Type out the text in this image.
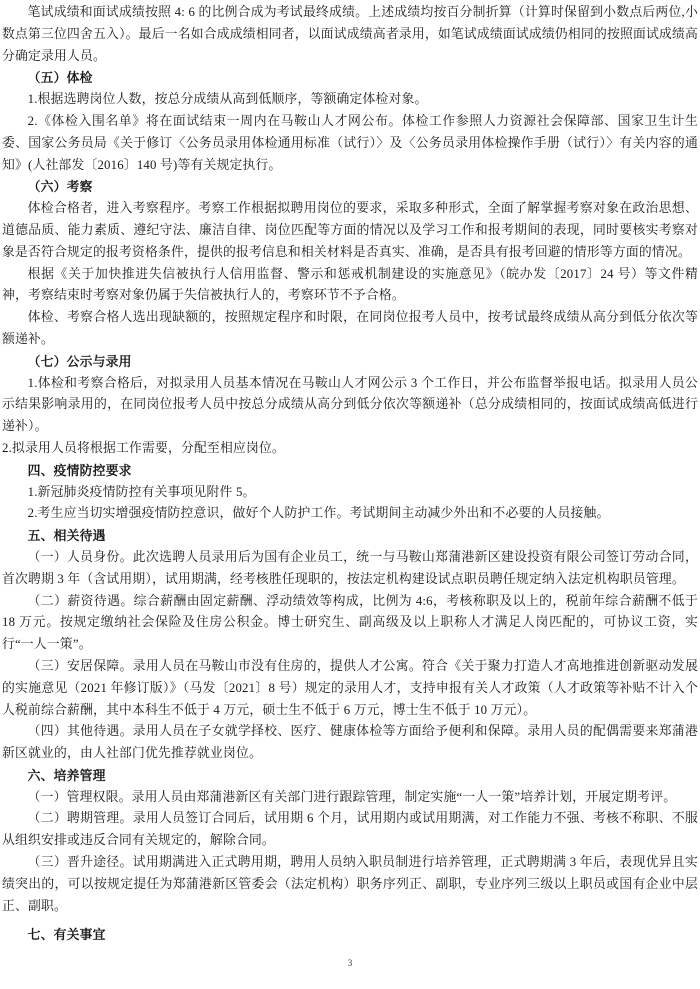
笔试成绩和面试成绩按照 4: 6 的比例合成为考试最终成绩。上述成绩均按百分制折算（计算时保留到小数点后两位,小数点第三位四舍五入）。最后一名如合成成绩相同者，以面试成绩高者录用，如笔试成绩面试成绩仍相同的按照面试成绩高分确定录用人员。
（五）体检
1.根据选聘岗位人数，按总分成绩从高到低顺序，等额确定体检对象。
2.《体检入围名单》将在面试结束一周内在马鞍山人才网公布。体检工作参照人力资源社会保障部、国家卫生计生委、国家公务员局《关于修订〈公务员录用体检通用标准（试行）〉及〈公务员录用体检操作手册（试行）〉有关内容的通知》(人社部发〔2016〕140 号)等有关规定执行。
（六）考察
体检合格者，进入考察程序。考察工作根据拟聘用岗位的要求，采取多种形式，全面了解掌握考察对象在政治思想、道德品质、能力素质、遵纪守法、廉洁自律、岗位匹配等方面的情况以及学习工作和报考期间的表现，同时要核实考察对象是否符合规定的报考资格条件，提供的报考信息和相关材料是否真实、准确，是否具有报考回避的情形等方面的情况。
根据《关于加快推进失信被执行人信用监督、警示和惩戒机制建设的实施意见》（皖办发〔2017〕24 号）等文件精神，考察结束时考察对象仍属于失信被执行人的，考察环节不予合格。
体检、考察合格人选出现缺额的，按照规定程序和时限，在同岗位报考人员中，按考试最终成绩从高分到低分依次等额递补。
（七）公示与录用
1.体检和考察合格后，对拟录用人员基本情况在马鞍山人才网公示 3 个工作日，并公布监督举报电话。拟录用人员公示结果影响录用的，在同岗位报考人员中按总分成绩从高分到低分依次等额递补（总分成绩相同的，按面试成绩高低进行递补）。
2.拟录用人员将根据工作需要，分配至相应岗位。
四、疫情防控要求
1.新冠肺炎疫情防控有关事项见附件 5。
2.考生应当切实增强疫情防控意识，做好个人防护工作。考试期间主动减少外出和不必要的人员接触。
五、相关待遇
（一）人员身份。此次选聘人员录用后为国有企业员工，统一与马鞍山郑蒲港新区建设投资有限公司签订劳动合同，首次聘期 3 年（含试用期），试用期满，经考核胜任现职的，按法定机构建设试点职员聘任规定纳入法定机构职员管理。
（二）薪资待遇。综合薪酬由固定薪酬、浮动绩效等构成，比例为 4:6，考核称职及以上的，税前年综合薪酬不低于 18 万元。按规定缴纳社会保险及住房公积金。博士研究生、副高级及以上职称人才满足人岗匹配的，可协议工资，实行“一人一策”。
（三）安居保障。录用人员在马鞍山市没有住房的，提供人才公寓。符合《关于聚力打造人才高地推进创新驱动发展的实施意见（2021 年修订版）》（马发〔2021〕8 号）规定的录用人才，支持申报有关人才政策（人才政策等补贴不计入个人税前综合薪酬，其中本科生不低于 4 万元，硕士生不低于 6 万元，博士生不低于 10 万元）。
（四）其他待遇。录用人员在子女就学择校、医疗、健康体检等方面给予便利和保障。录用人员的配偶需要来郑蒲港新区就业的，由人社部门优先推荐就业岗位。
六、培养管理
（一）管理权限。录用人员由郑蒲港新区有关部门进行跟踪管理，制定实施“一人一策”培养计划，开展定期考评。
（二）聘期管理。录用人员签订合同后，试用期 6 个月，试用期内或试用期满，对工作能力不强、考核不称职、不服从组织安排或违反合同有关规定的，解除合同。
（三）晋升途径。试用期满进入正式聘用期，聘用人员纳入职员制进行培养管理，正式聘期满 3 年后，表现优异且实绩突出的，可以按规定提任为郑蒲港新区管委会（法定机构）职务序列正、副职，专业序列三级以上职员或国有企业中层正、副职。
七、有关事宜
3
